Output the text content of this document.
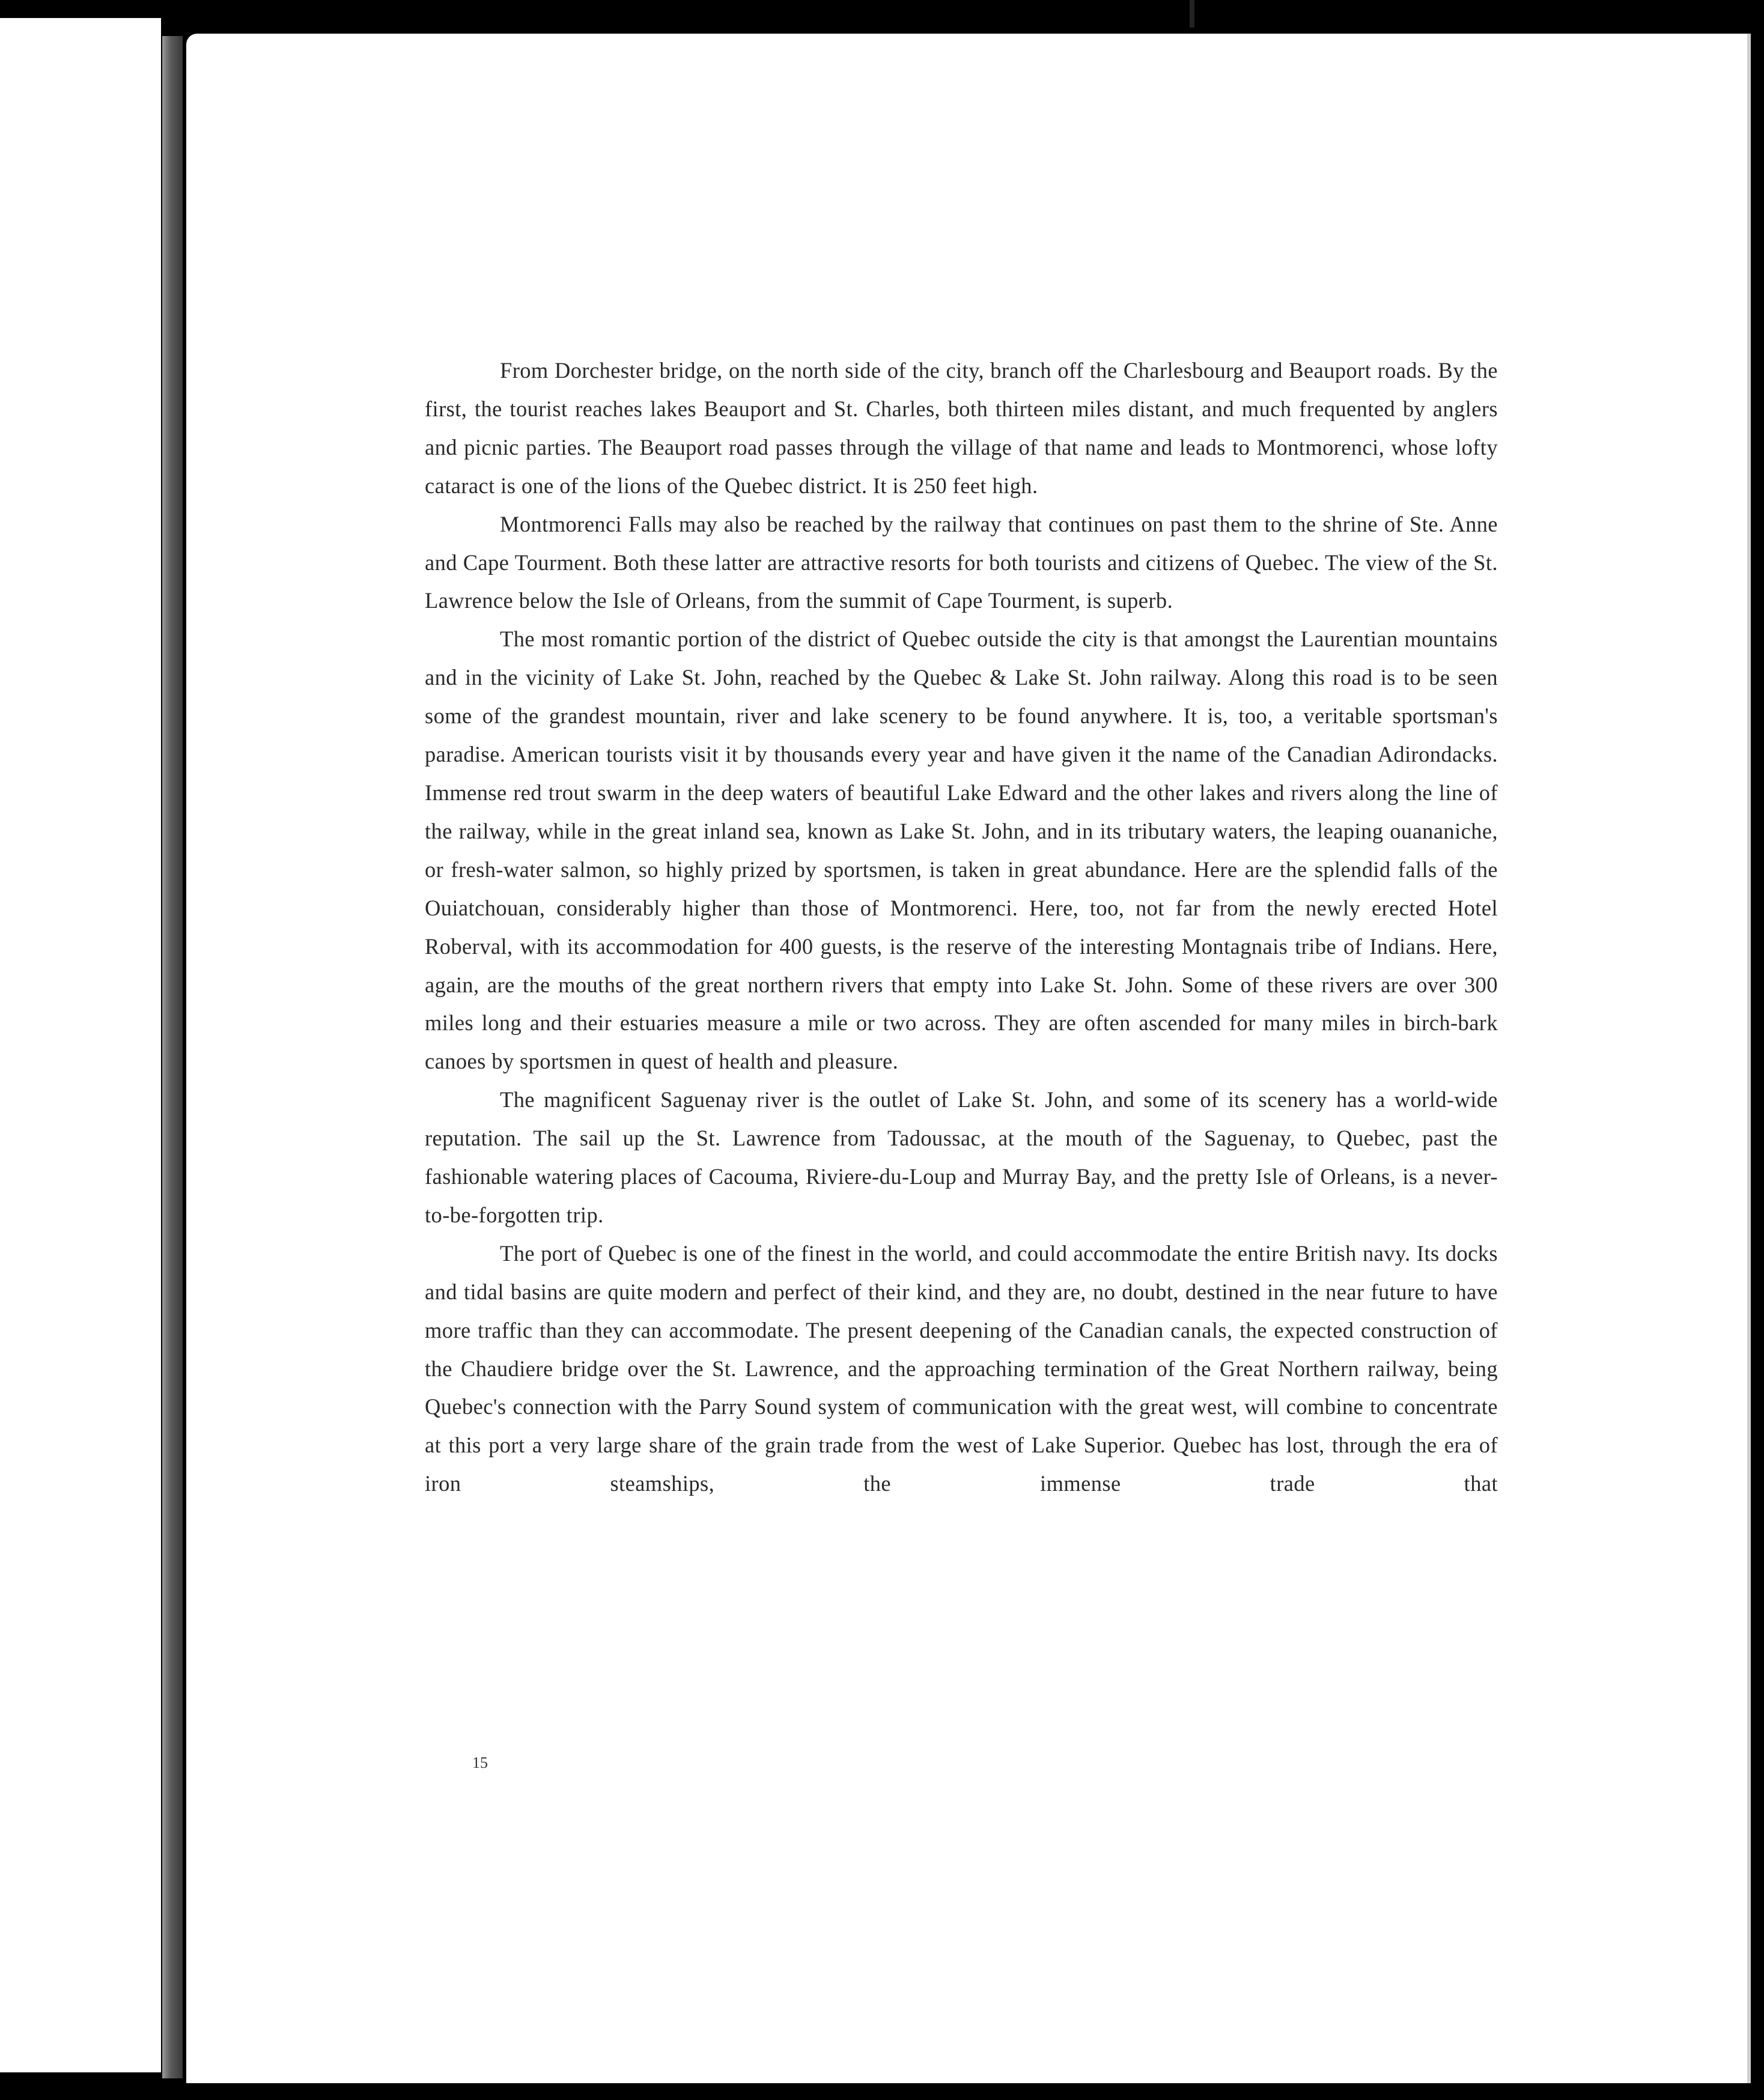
From Dorchester bridge, on the north side of the city, branch off the Charlesbourg and Beauport roads. By the first, the tourist reaches lakes Beauport and St. Charles, both thirteen miles distant, and much frequented by anglers and picnic parties. The Beauport road passes through the village of that name and leads to Montmorenci, whose lofty cataract is one of the lions of the Quebec district. It is 250 feet high.

Montmorenci Falls may also be reached by the railway that continues on past them to the shrine of Ste. Anne and Cape Tourment. Both these latter are attractive resorts for both tourists and citizens of Quebec. The view of the St. Lawrence below the Isle of Orleans, from the summit of Cape Tourment, is superb.

The most romantic portion of the district of Quebec outside the city is that amongst the Laurentian mountains and in the vicinity of Lake St. John, reached by the Quebec & Lake St. John railway. Along this road is to be seen some of the grandest mountain, river and lake scenery to be found anywhere. It is, too, a veritable sportsman's paradise. American tourists visit it by thousands every year and have given it the name of the Canadian Adirondacks. Immense red trout swarm in the deep waters of beautiful Lake Edward and the other lakes and rivers along the line of the railway, while in the great inland sea, known as Lake St. John, and in its tributary waters, the leaping ouananiche, or fresh-water salmon, so highly prized by sportsmen, is taken in great abundance. Here are the splendid falls of the Ouiatchouan, considerably higher than those of Montmorenci. Here, too, not far from the newly erected Hotel Roberval, with its accommodation for 400 guests, is the reserve of the interesting Montagnais tribe of Indians. Here, again, are the mouths of the great northern rivers that empty into Lake St. John. Some of these rivers are over 300 miles long and their estuaries measure a mile or two across. They are often ascended for many miles in birch-bark canoes by sportsmen in quest of health and pleasure.

The magnificent Saguenay river is the outlet of Lake St. John, and some of its scenery has a world-wide reputation. The sail up the St. Lawrence from Tadoussac, at the mouth of the Saguenay, to Quebec, past the fashionable watering places of Cacouma, Riviere-du-Loup and Murray Bay, and the pretty Isle of Orleans, is a never-to-be-forgotten trip.

The port of Quebec is one of the finest in the world, and could accommodate the entire British navy. Its docks and tidal basins are quite modern and perfect of their kind, and they are, no doubt, destined in the near future to have more traffic than they can accommodate. The present deepening of the Canadian canals, the expected construction of the Chaudiere bridge over the St. Lawrence, and the approaching termination of the Great Northern railway, being Quebec's connection with the Parry Sound system of communication with the great west, will combine to concentrate at this port a very large share of the grain trade from the west of Lake Superior. Quebec has lost, through the era of iron steamships, the immense trade that

15
